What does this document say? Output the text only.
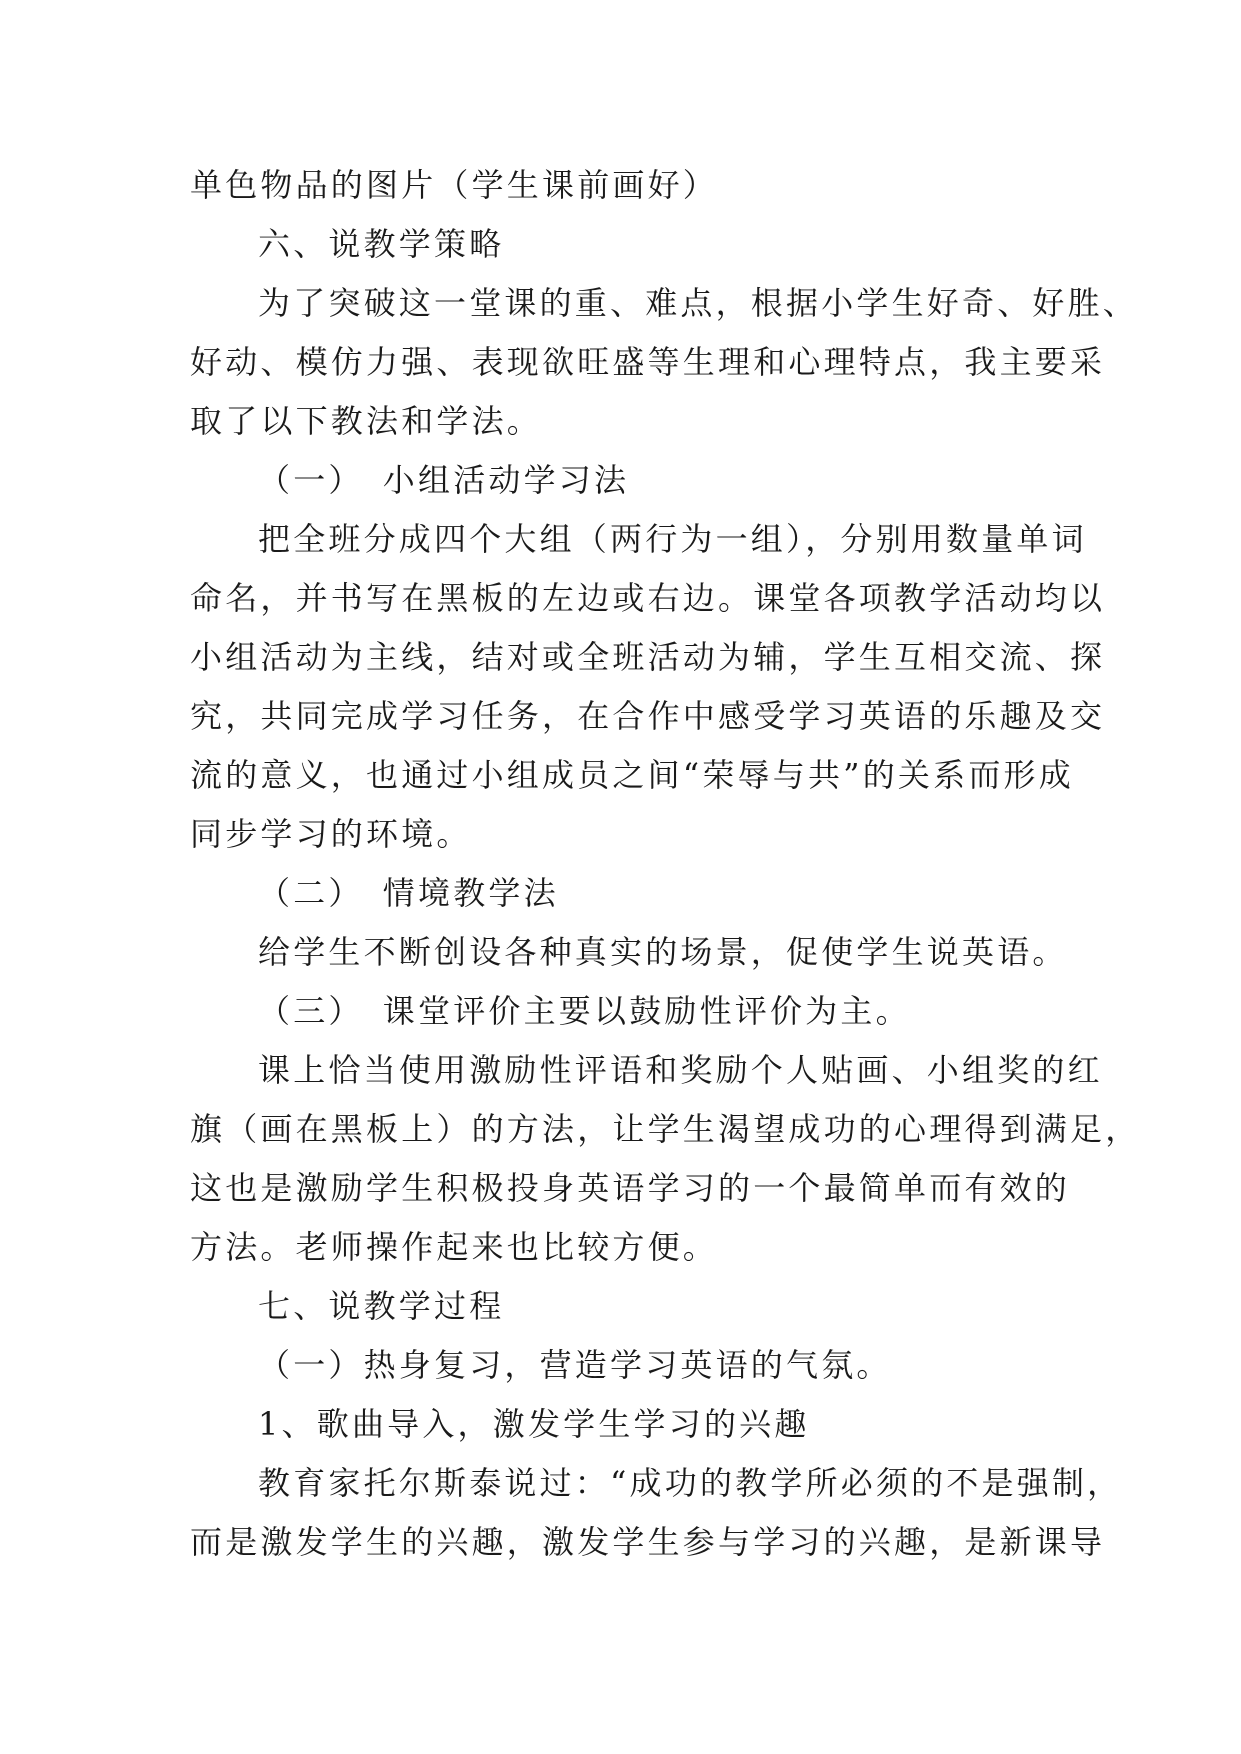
单色物品的图片（学生课前画好）
六、说教学策略
为了突破这一堂课的重、难点，根据小学生好奇、好胜、
好动、模仿力强、表现欲旺盛等生理和心理特点，我主要采
取了以下教法和学法。
（一）　小组活动学习法
把全班分成四个大组（两行为一组），分别用数量单词
命名，并书写在黑板的左边或右边。课堂各项教学活动均以
小组活动为主线，结对或全班活动为辅，学生互相交流、探
究，共同完成学习任务，在合作中感受学习英语的乐趣及交
流的意义，也通过小组成员之间“荣辱与共”的关系而形成
同步学习的环境。
（二）　情境教学法
给学生不断创设各种真实的场景，促使学生说英语。
（三）　课堂评价主要以鼓励性评价为主。
课上恰当使用激励性评语和奖励个人贴画、小组奖的红
旗（画在黑板上）的方法，让学生渴望成功的心理得到满足，
这也是激励学生积极投身英语学习的一个最简单而有效的
方法。老师操作起来也比较方便。
七、说教学过程
（一）热身复习，营造学习英语的气氛。
1、歌曲导入，激发学生学习的兴趣
教育家托尔斯泰说过：“成功的教学所必须的不是强制，
而是激发学生的兴趣，激发学生参与学习的兴趣，是新课导
